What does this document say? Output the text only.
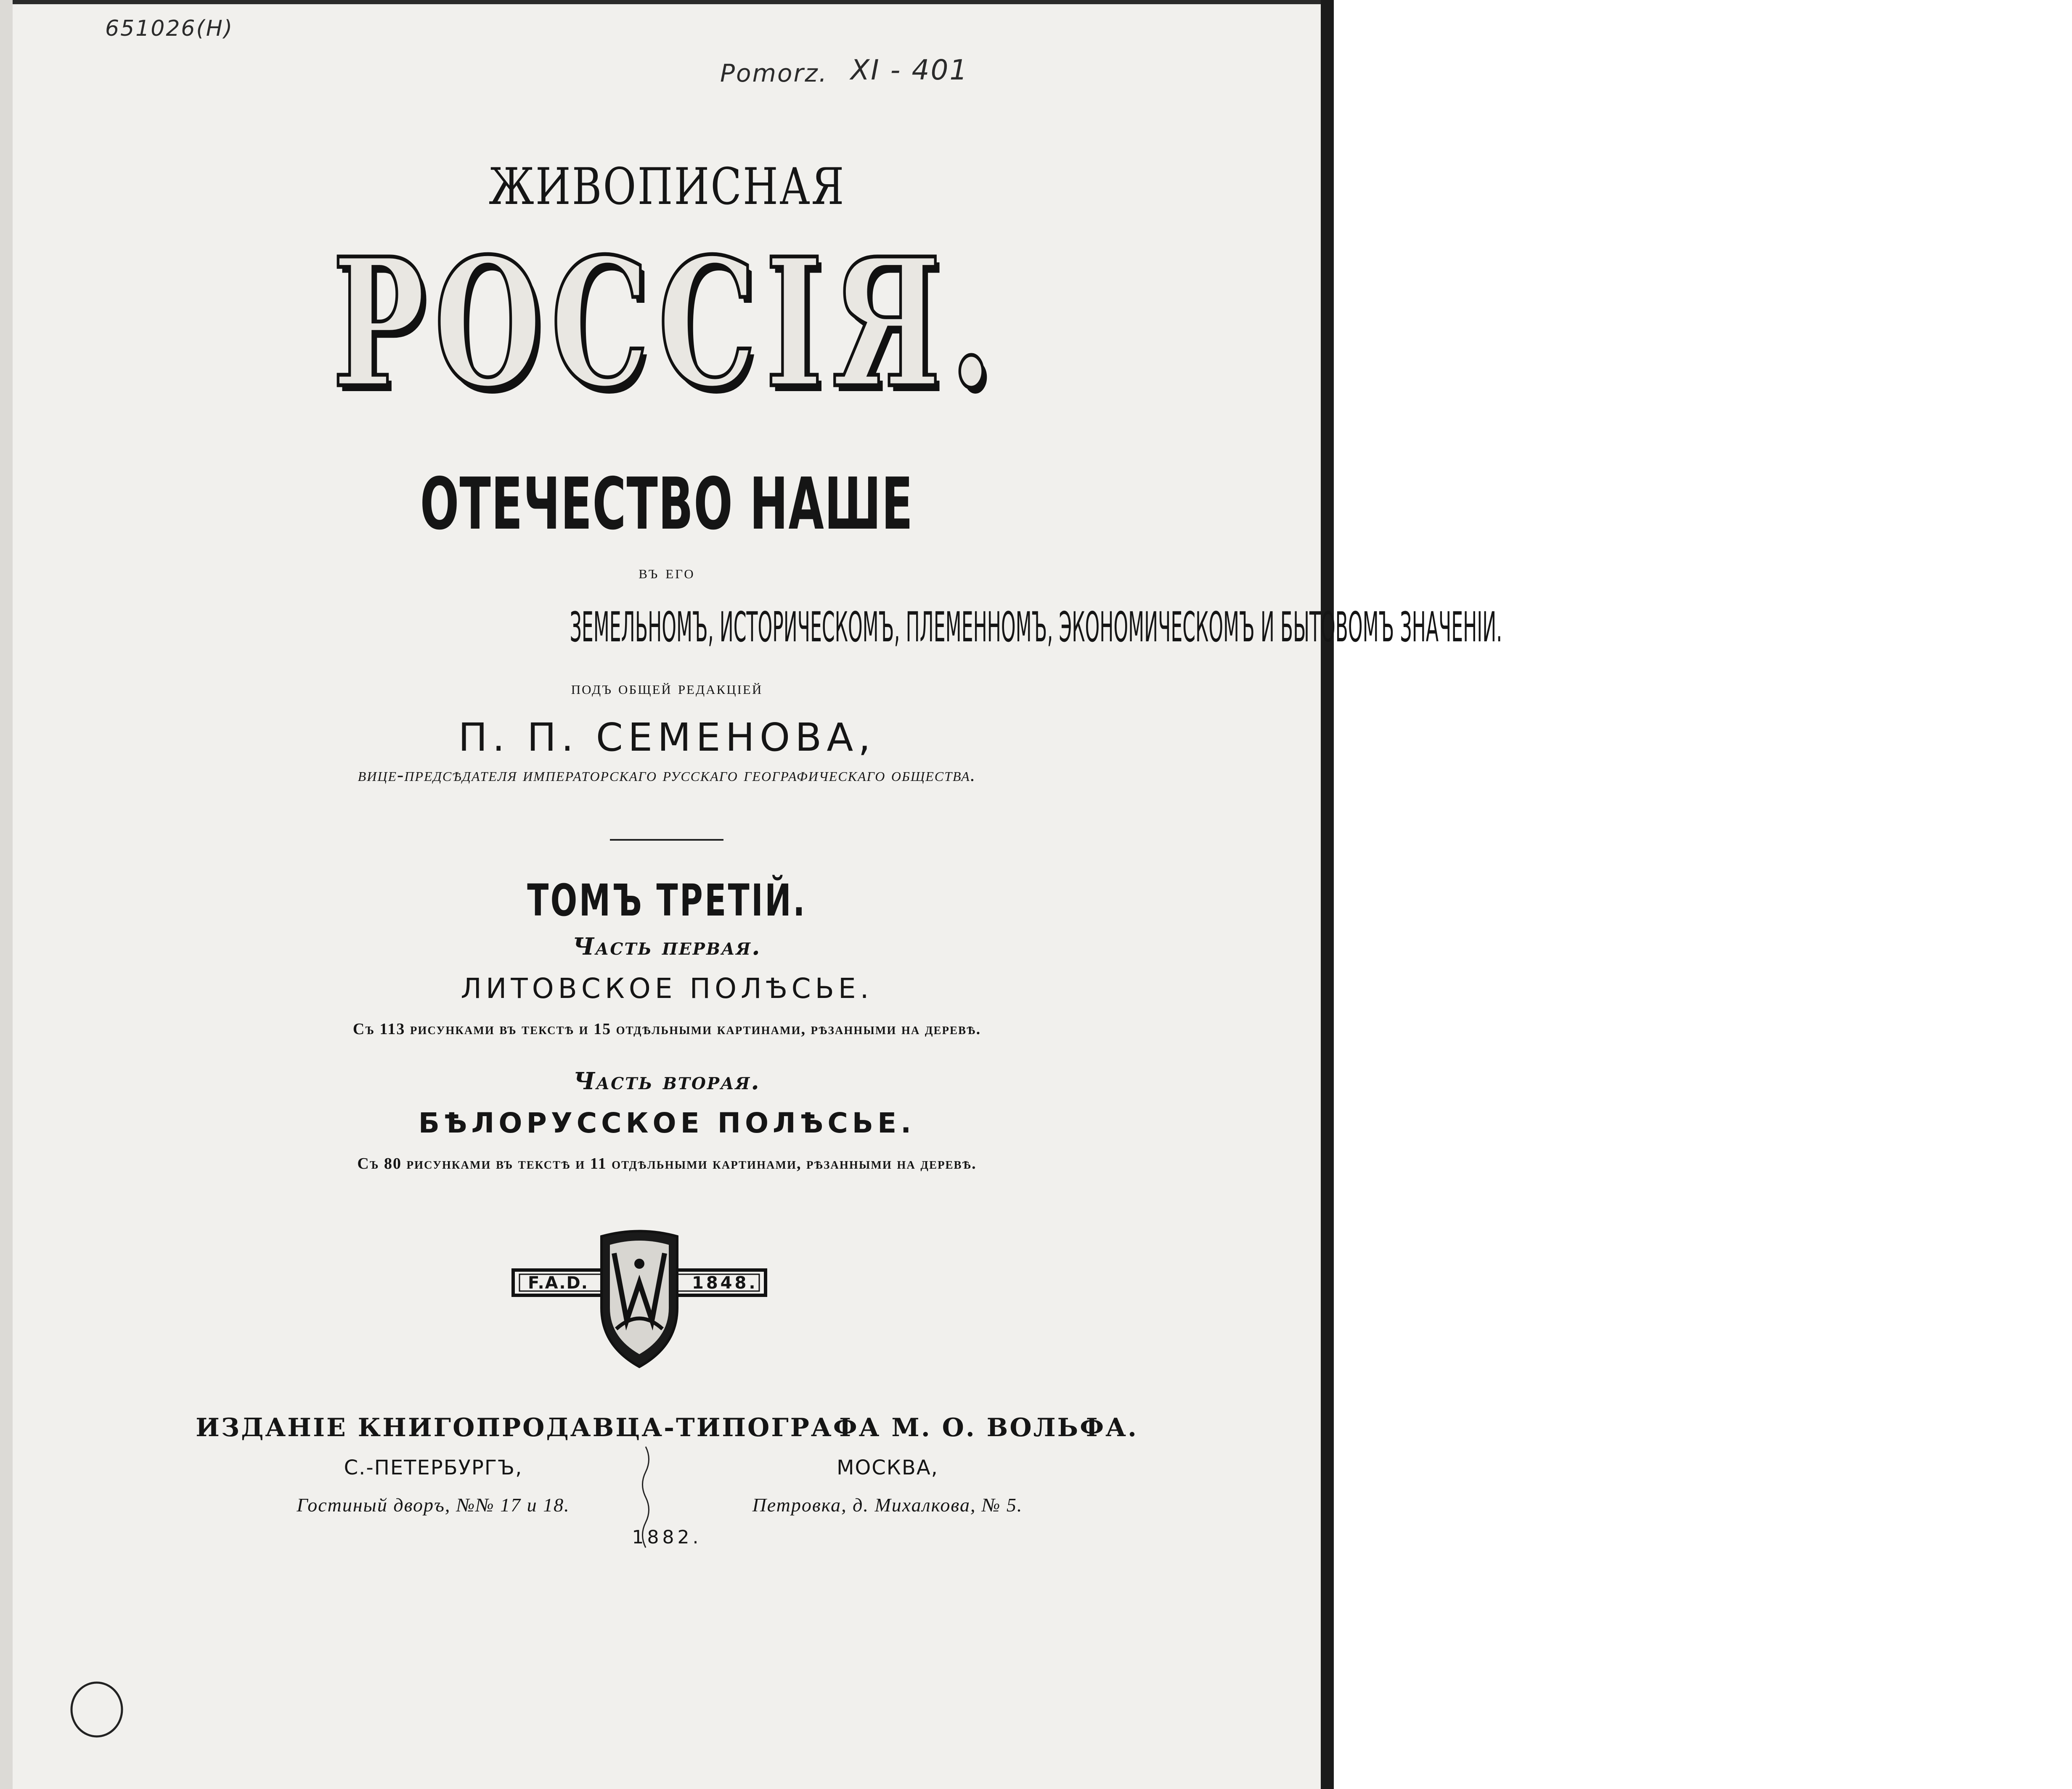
651026(H)
Pomorz. XI - 401
ЖИВОПИСНАЯ
РОССІЯ.
ОТЕЧЕСТВО НАШЕ
въ его
ЗЕМЕЛЬНОМЪ, ИСТОРИЧЕСКОМЪ, ПЛЕМЕННОМЪ, ЭКОНОМИЧЕСКОМЪ И БЫТОВОМЪ ЗНАЧЕНІИ.
подъ общей редакціей
П. П. СЕМЕНОВА,
вице-предсѣдателя императорскаго русскаго географическаго общества.
ТОМЪ ТРЕТІЙ.
Часть первая.
ЛИТОВСКОЕ ПОЛѢСЬЕ.
Съ 113 рисунками въ текстѣ и 15 отдѣльными картинами, рѣзанными на деревѣ.
Часть вторая.
БѢЛОРУССКОЕ ПОЛѢСЬЕ.
Съ 80 рисунками въ текстѣ и 11 отдѣльными картинами, рѣзанными на деревѣ.
F.A.D.	1848.
ИЗДАНІЕ КНИГОПРОДАВЦА-ТИПОГРАФА М. О. ВОЛЬФА.
С.-ПЕТЕРБУРГЪ,
Гостиный дворъ, №№ 17 и 18.
МОСКВА,
Петровка, д. Михалкова, № 5.
1882.
